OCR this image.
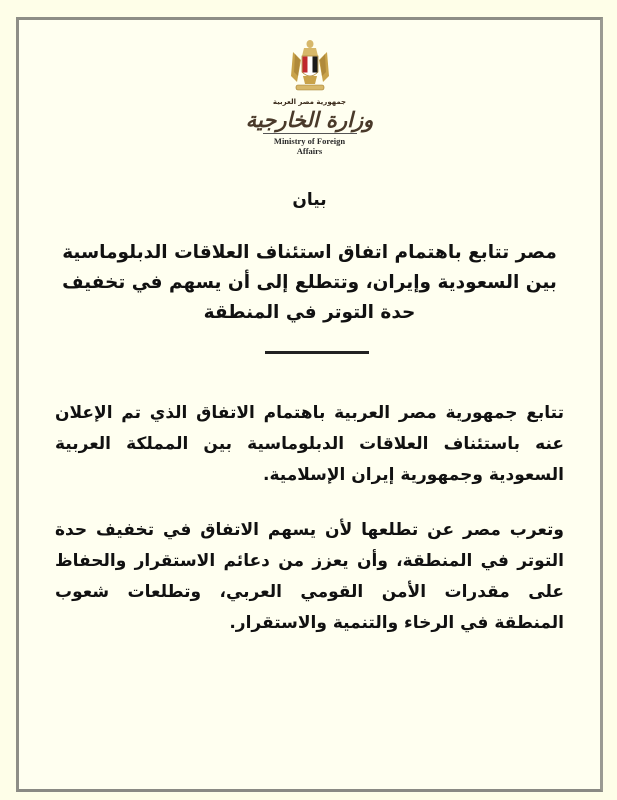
جمهورية مصر العربية
وزارة الخارجية
Ministry of Foreign Affairs
بيان
مصر تتابع باهتمام اتفاق استئناف العلاقات الدبلوماسية بين السعودية وإيران، وتتطلع إلى أن يسهم في تخفيف حدة التوتر في المنطقة
تتابع جمهورية مصر العربية باهتمام الاتفاق الذي تم الإعلان عنه باستئناف العلاقات الدبلوماسية بين المملكة العربية السعودية وجمهورية إيران الإسلامية.
وتعرب مصر عن تطلعها لأن يسهم الاتفاق في تخفيف حدة التوتر في المنطقة، وأن يعزز من دعائم الاستقرار والحفاظ على مقدرات الأمن القومي العربي، وتطلعات شعوب المنطقة في الرخاء والتنمية والاستقرار.
